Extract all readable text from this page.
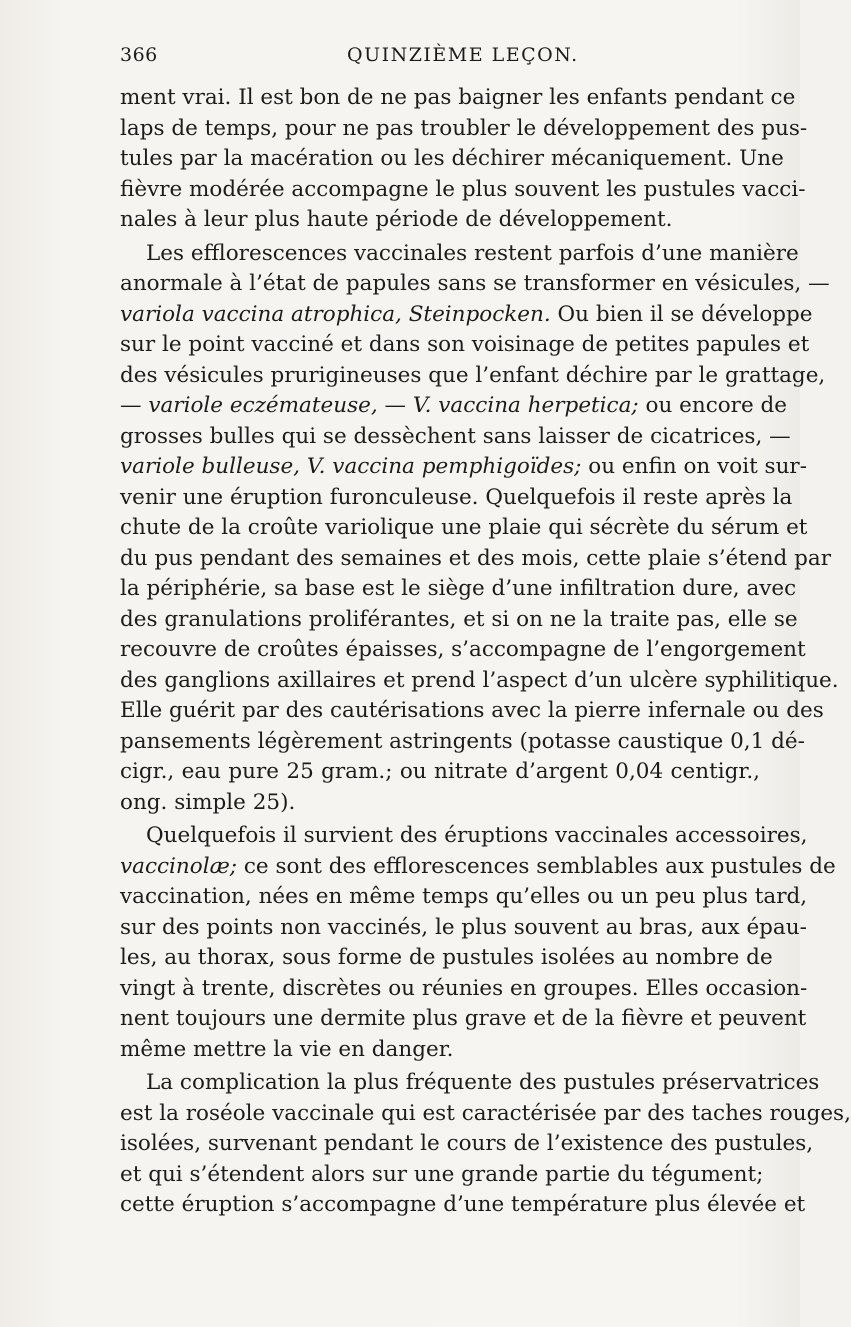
366	QUINZIÈME LEÇON.
ment vrai. Il est bon de ne pas baigner les enfants pendant ce
laps de temps, pour ne pas troubler le développement des pus-
tules par la macération ou les déchirer mécaniquement. Une
fièvre modérée accompagne le plus souvent les pustules vacci-
nales à leur plus haute période de développement.
Les efflorescences vaccinales restent parfois d’une manière
anormale à l’état de papules sans se transformer en vésicules, —
variola vaccina atrophica, Steinpocken. Ou bien il se développe
sur le point vacciné et dans son voisinage de petites papules et
des vésicules prurigineuses que l’enfant déchire par le grattage,
— variole eczémateuse, — V. vaccina herpetica; ou encore de
grosses bulles qui se dessèchent sans laisser de cicatrices, —
variole bulleuse, V. vaccina pemphigoïdes; ou enfin on voit sur-
venir une éruption furonculeuse. Quelquefois il reste après la
chute de la croûte variolique une plaie qui sécrète du sérum et
du pus pendant des semaines et des mois, cette plaie s’étend par
la périphérie, sa base est le siège d’une infiltration dure, avec
des granulations proliférantes, et si on ne la traite pas, elle se
recouvre de croûtes épaisses, s’accompagne de l’engorgement
des ganglions axillaires et prend l’aspect d’un ulcère syphilitique.
Elle guérit par des cautérisations avec la pierre infernale ou des
pansements légèrement astringents (potasse caustique 0,1 dé-
cigr., eau pure 25 gram.; ou nitrate d’argent 0,04 centigr.,
ong. simple 25).
Quelquefois il survient des éruptions vaccinales accessoires,
vaccinolæ; ce sont des efflorescences semblables aux pustules de
vaccination, nées en même temps qu’elles ou un peu plus tard,
sur des points non vaccinés, le plus souvent au bras, aux épau-
les, au thorax, sous forme de pustules isolées au nombre de
vingt à trente, discrètes ou réunies en groupes. Elles occasion-
nent toujours une dermite plus grave et de la fièvre et peuvent
même mettre la vie en danger.
La complication la plus fréquente des pustules préservatrices
est la roséole vaccinale qui est caractérisée par des taches rouges,
isolées, survenant pendant le cours de l’existence des pustules,
et qui s’étendent alors sur une grande partie du tégument;
cette éruption s’accompagne d’une température plus élevée et
